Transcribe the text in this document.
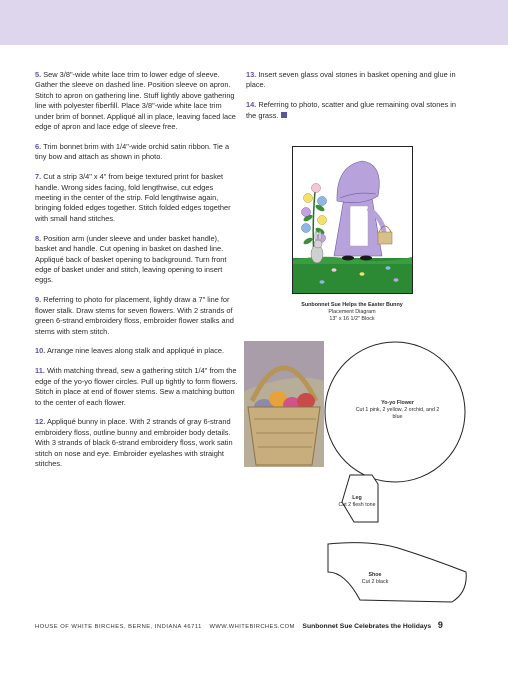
5. Sew 3/8"-wide white lace trim to lower edge of sleeve. Gather the sleeve on dashed line. Position sleeve on apron. Stitch to apron on gathering line. Stuff lightly above gathering line with polyester fiberfill. Place 3/8"-wide white lace trim under brim of bonnet. Appliqué all in place, leaving faced lace edge of apron and lace edge of sleeve free.

6. Trim bonnet brim with 1/4"-wide orchid satin ribbon. Tie a tiny bow and attach as shown in photo.

7. Cut a strip 3/4" x 4" from beige textured print for basket handle. Wrong sides facing, fold lengthwise, cut edges meeting in the center of the strip. Fold lengthwise again, bringing folded edges together. Stitch folded edges together with small hand stitches.

8. Position arm (under sleeve and under basket handle), basket and handle. Cut opening in basket on dashed line. Appliqué back of basket opening to background. Turn front edge of basket under and stitch, leaving opening to insert eggs.

9. Referring to photo for placement, lightly draw a 7" line for flower stalk. Draw stems for seven flowers. With 2 strands of green 6-strand embroidery floss, embroider flower stalks and stems with stem stitch.

10. Arrange nine leaves along stalk and appliqué in place.

11. With matching thread, sew a gathering stitch 1/4" from the edge of the yo-yo flower circles. Pull up tightly to form flowers. Stitch in place at end of flower stems. Sew a matching button to the center of each flower.

12. Appliqué bunny in place. With 2 strands of gray 6-strand embroidery floss, outline bunny and embroider body details. With 3 strands of black 6-strand embroidery floss, work satin stitch on nose and eye. Embroider eyelashes with straight stitches.

13. Insert seven glass oval stones in basket opening and glue in place.

14. Referring to photo, scatter and glue remaining oval stones in the grass.

Sunbonnet Sue Helps the Easter Bunny
Placement Diagram
13" x 16 1/2" Block
Yo-yo Flower
Cut 1 pink, 2 yellow, 2 orchid, and 2 blue
Leg
Cut 2 flesh tone
Shoe
Cut 2 black
HOUSE OF WHITE BIRCHES, BERNE, INDIANA 46711 WWW.WHITEBIRCHES.COM Sunbonnet Sue Celebrates the Holidays 9
